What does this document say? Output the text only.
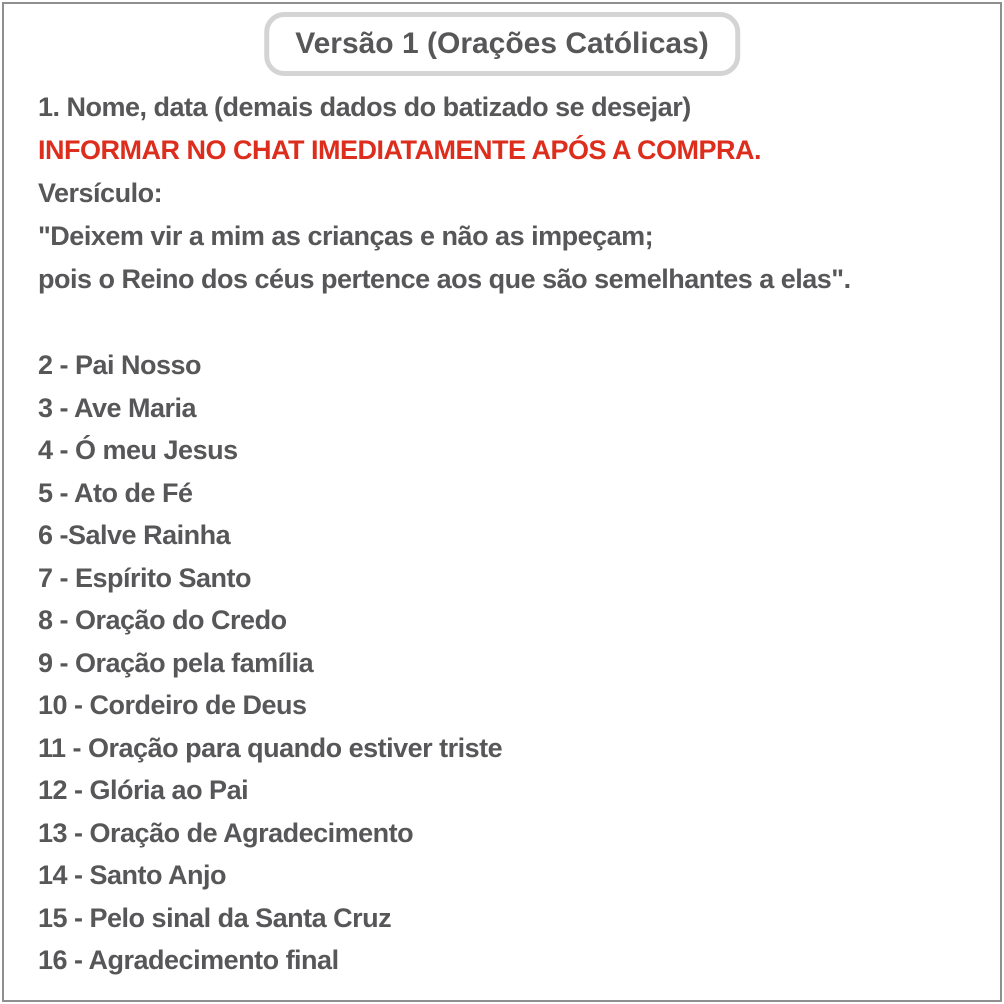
Versão 1 (Orações Católicas)
1. Nome, data (demais dados do batizado se desejar)
INFORMAR NO CHAT IMEDIATAMENTE APÓS A COMPRA.
Versículo:
"Deixem vir a mim as crianças e não as impeçam;
pois o Reino dos céus pertence aos que são semelhantes a elas".
2 - Pai Nosso
3 - Ave Maria
4 - Ó meu Jesus
5 - Ato de Fé
6 -Salve Rainha
7 - Espírito Santo
8 - Oração do Credo
9 - Oração pela família
10 - Cordeiro de Deus
11 - Oração para quando estiver triste
12 - Glória ao Pai
13 - Oração de Agradecimento
14 - Santo Anjo
15 - Pelo sinal da Santa Cruz
16 - Agradecimento final
